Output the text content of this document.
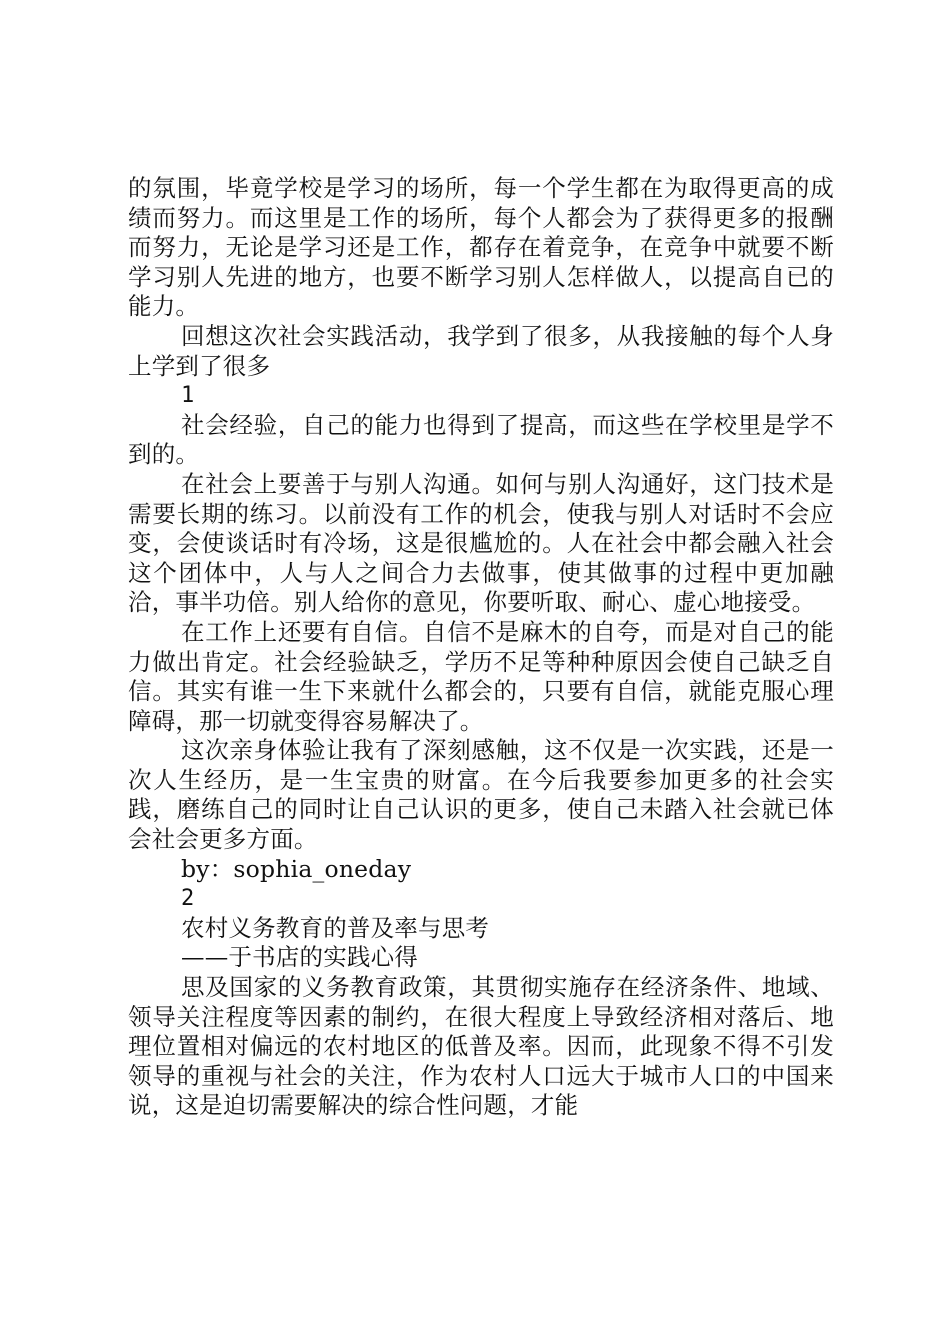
的氛围，毕竟学校是学习的场所，每一个学生都在为取得更高的成绩而努力。而这里是工作的场所，每个人都会为了获得更多的报酬而努力，无论是学习还是工作，都存在着竞争，在竞争中就要不断学习别人先进的地方，也要不断学习别人怎样做人，以提高自已的能力。

回想这次社会实践活动，我学到了很多，从我接触的每个人身上学到了很多

1

社会经验，自己的能力也得到了提高，而这些在学校里是学不到的。

在社会上要善于与别人沟通。如何与别人沟通好，这门技术是需要长期的练习。以前没有工作的机会，使我与别人对话时不会应变，会使谈话时有冷场，这是很尴尬的。人在社会中都会融入社会这个团体中，人与人之间合力去做事，使其做事的过程中更加融洽，事半功倍。别人给你的意见，你要听取、耐心、虚心地接受。

在工作上还要有自信。自信不是麻木的自夸，而是对自己的能力做出肯定。社会经验缺乏，学历不足等种种原因会使自己缺乏自信。其实有谁一生下来就什么都会的，只要有自信，就能克服心理障碍，那一切就变得容易解决了。

这次亲身体验让我有了深刻感触，这不仅是一次实践，还是一次人生经历，是一生宝贵的财富。在今后我要参加更多的社会实践，磨练自己的同时让自己认识的更多，使自己未踏入社会就已体会社会更多方面。

by：sophia_oneday

2

农村义务教育的普及率与思考

——于书店的实践心得

思及国家的义务教育政策，其贯彻实施存在经济条件、地域、领导关注程度等因素的制约，在很大程度上导致经济相对落后、地理位置相对偏远的农村地区的低普及率。因而，此现象不得不引发领导的重视与社会的关注，作为农村人口远大于城市人口的中国来说，这是迫切需要解决的综合性问题，才能
